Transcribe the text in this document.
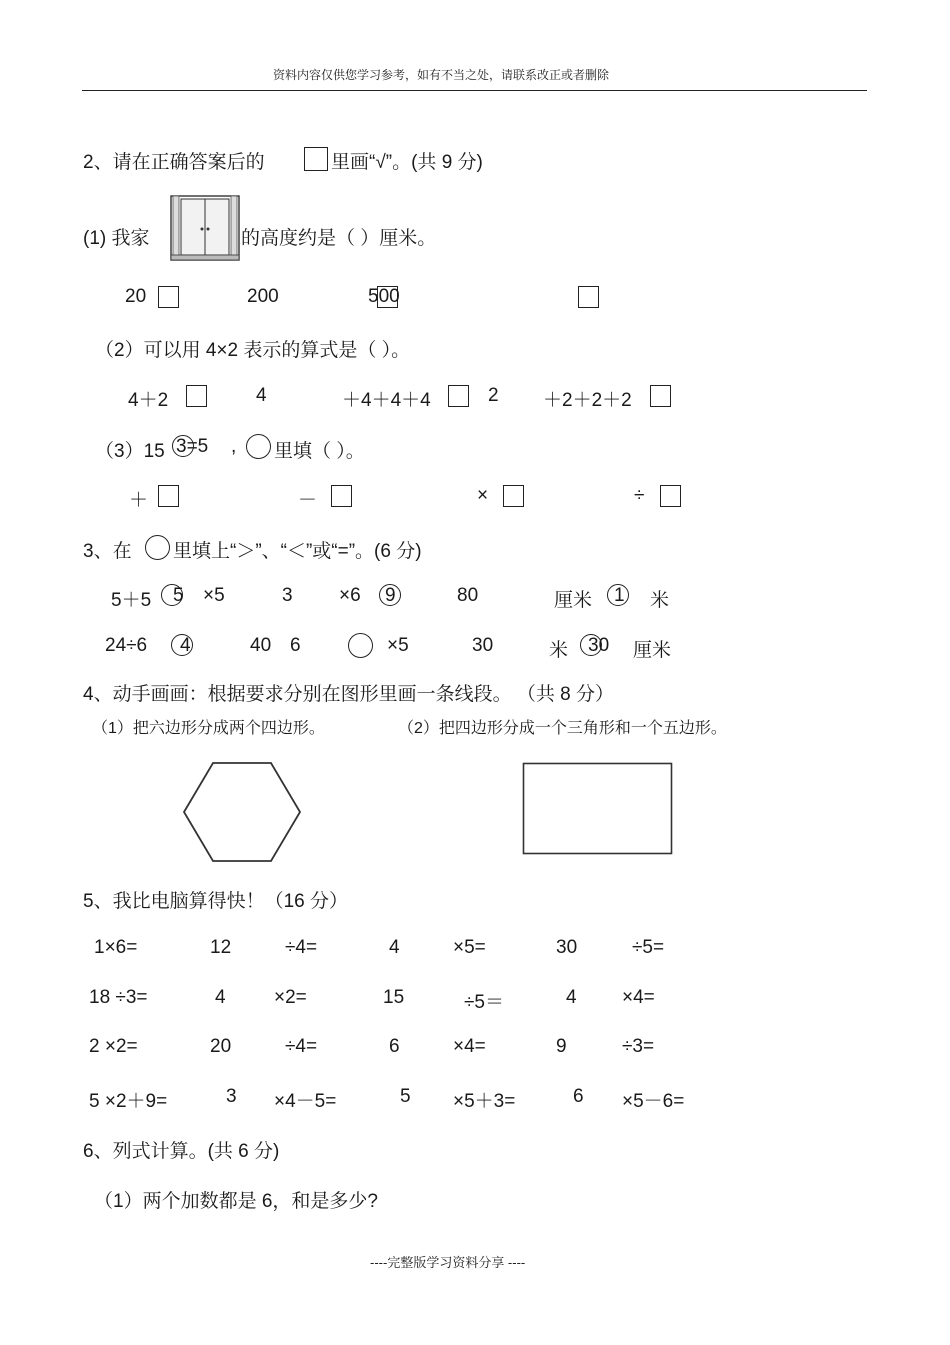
资料内容仅供您学习参考，如有不当之处，请联系改正或者删除
2、请在正确答案后的	里画“√”。(共 9 分)
(1) 我家	的高度约是（ ）厘米。
20	200	500
（2）可以用 4×2 表示的算式是（ ）。
4＋2	4	＋4＋4＋4	2 ＋2＋2＋2
（3）15 3=5 , 里填（ ）。
＋	－	×	÷
3、在 里填上“＞”、“＜”或“=”。(6 分)
5＋5 5 ×5	3 ×6 9	80	厘米 1 米
24÷6 4	40 6	×5	30	米 30 厘米
4、动手画画：根据要求分别在图形里画一条线段。 （共 8 分）
（1）把六边形分成两个四边形。	（2）把四边形分成一个三角形和一个五边形。
5、我比电脑算得快！（16 分）
1×6=	12	÷4=	4	×5=	30	÷5=
18 ÷3=	4	×2=	15	÷5＝	4 ×4=
2 ×2=	20	÷4=	6	×4=	9	÷3=
5 ×2＋9=	3 ×4－5=	5 ×5＋3=	6 ×5－6=
6、列式计算。(共 6 分)
（1）两个加数都是 6，和是多少?
----完整版学习资料分享 ----
